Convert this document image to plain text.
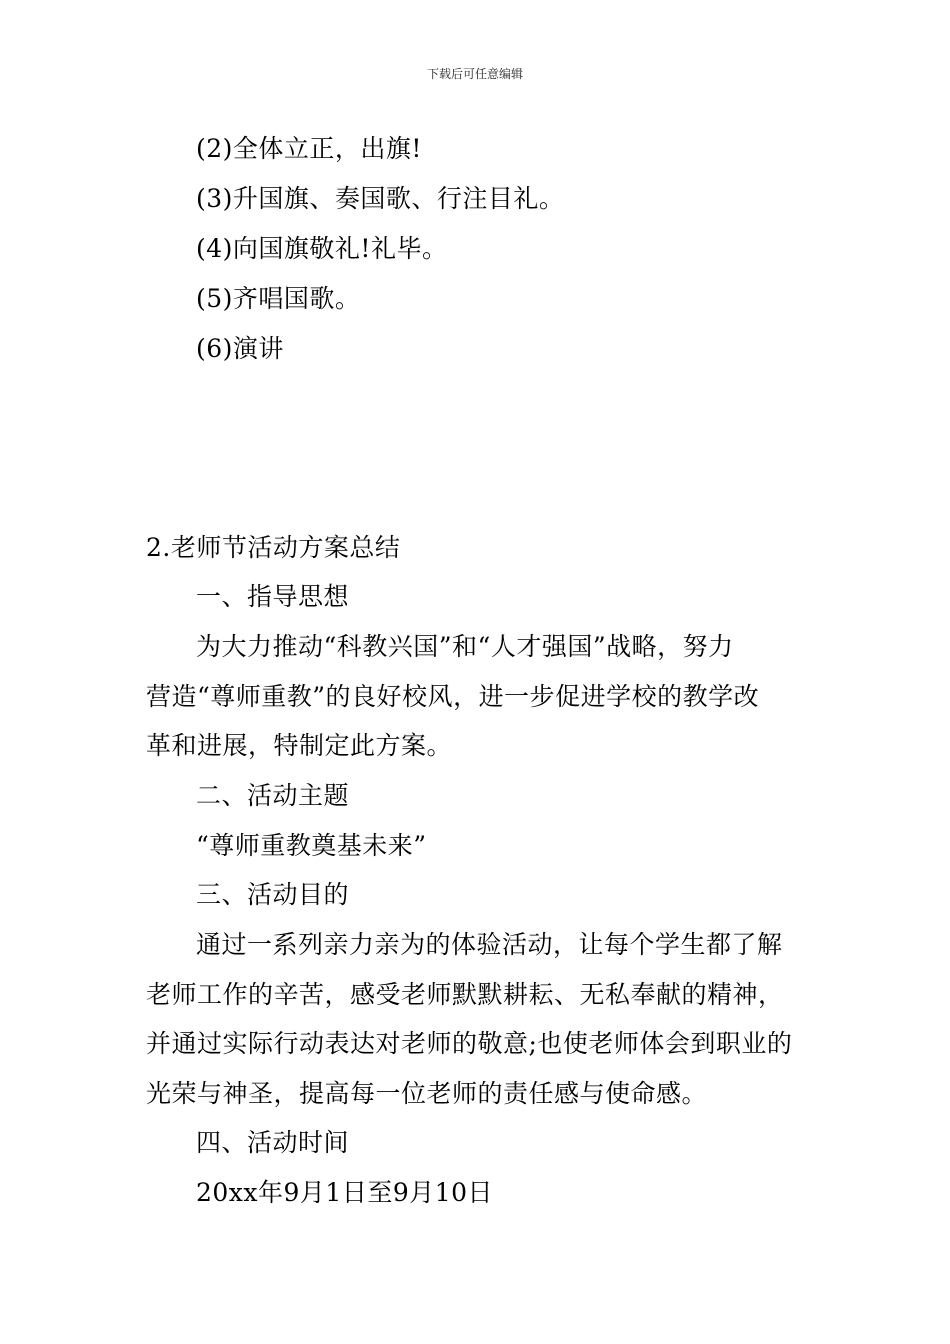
下载后可任意编辑
(2)全体立正，出旗!
(3)升国旗、奏国歌、行注目礼。
(4)向国旗敬礼!礼毕。
(5)齐唱国歌。
(6)演讲
2.老师节活动方案总结
一、指导思想
为大力推动“科教兴国”和“人才强国”战略，努力
营造“尊师重教”的良好校风，进一步促进学校的教学改
革和进展，特制定此方案。
二、活动主题
“尊师重教奠基未来”
三、活动目的
通过一系列亲力亲为的体验活动，让每个学生都了解
老师工作的辛苦，感受老师默默耕耘、无私奉献的精神，
并通过实际行动表达对老师的敬意;也使老师体会到职业的
光荣与神圣，提高每一位老师的责任感与使命感。
四、活动时间
20xx年9月1日至9月10日
